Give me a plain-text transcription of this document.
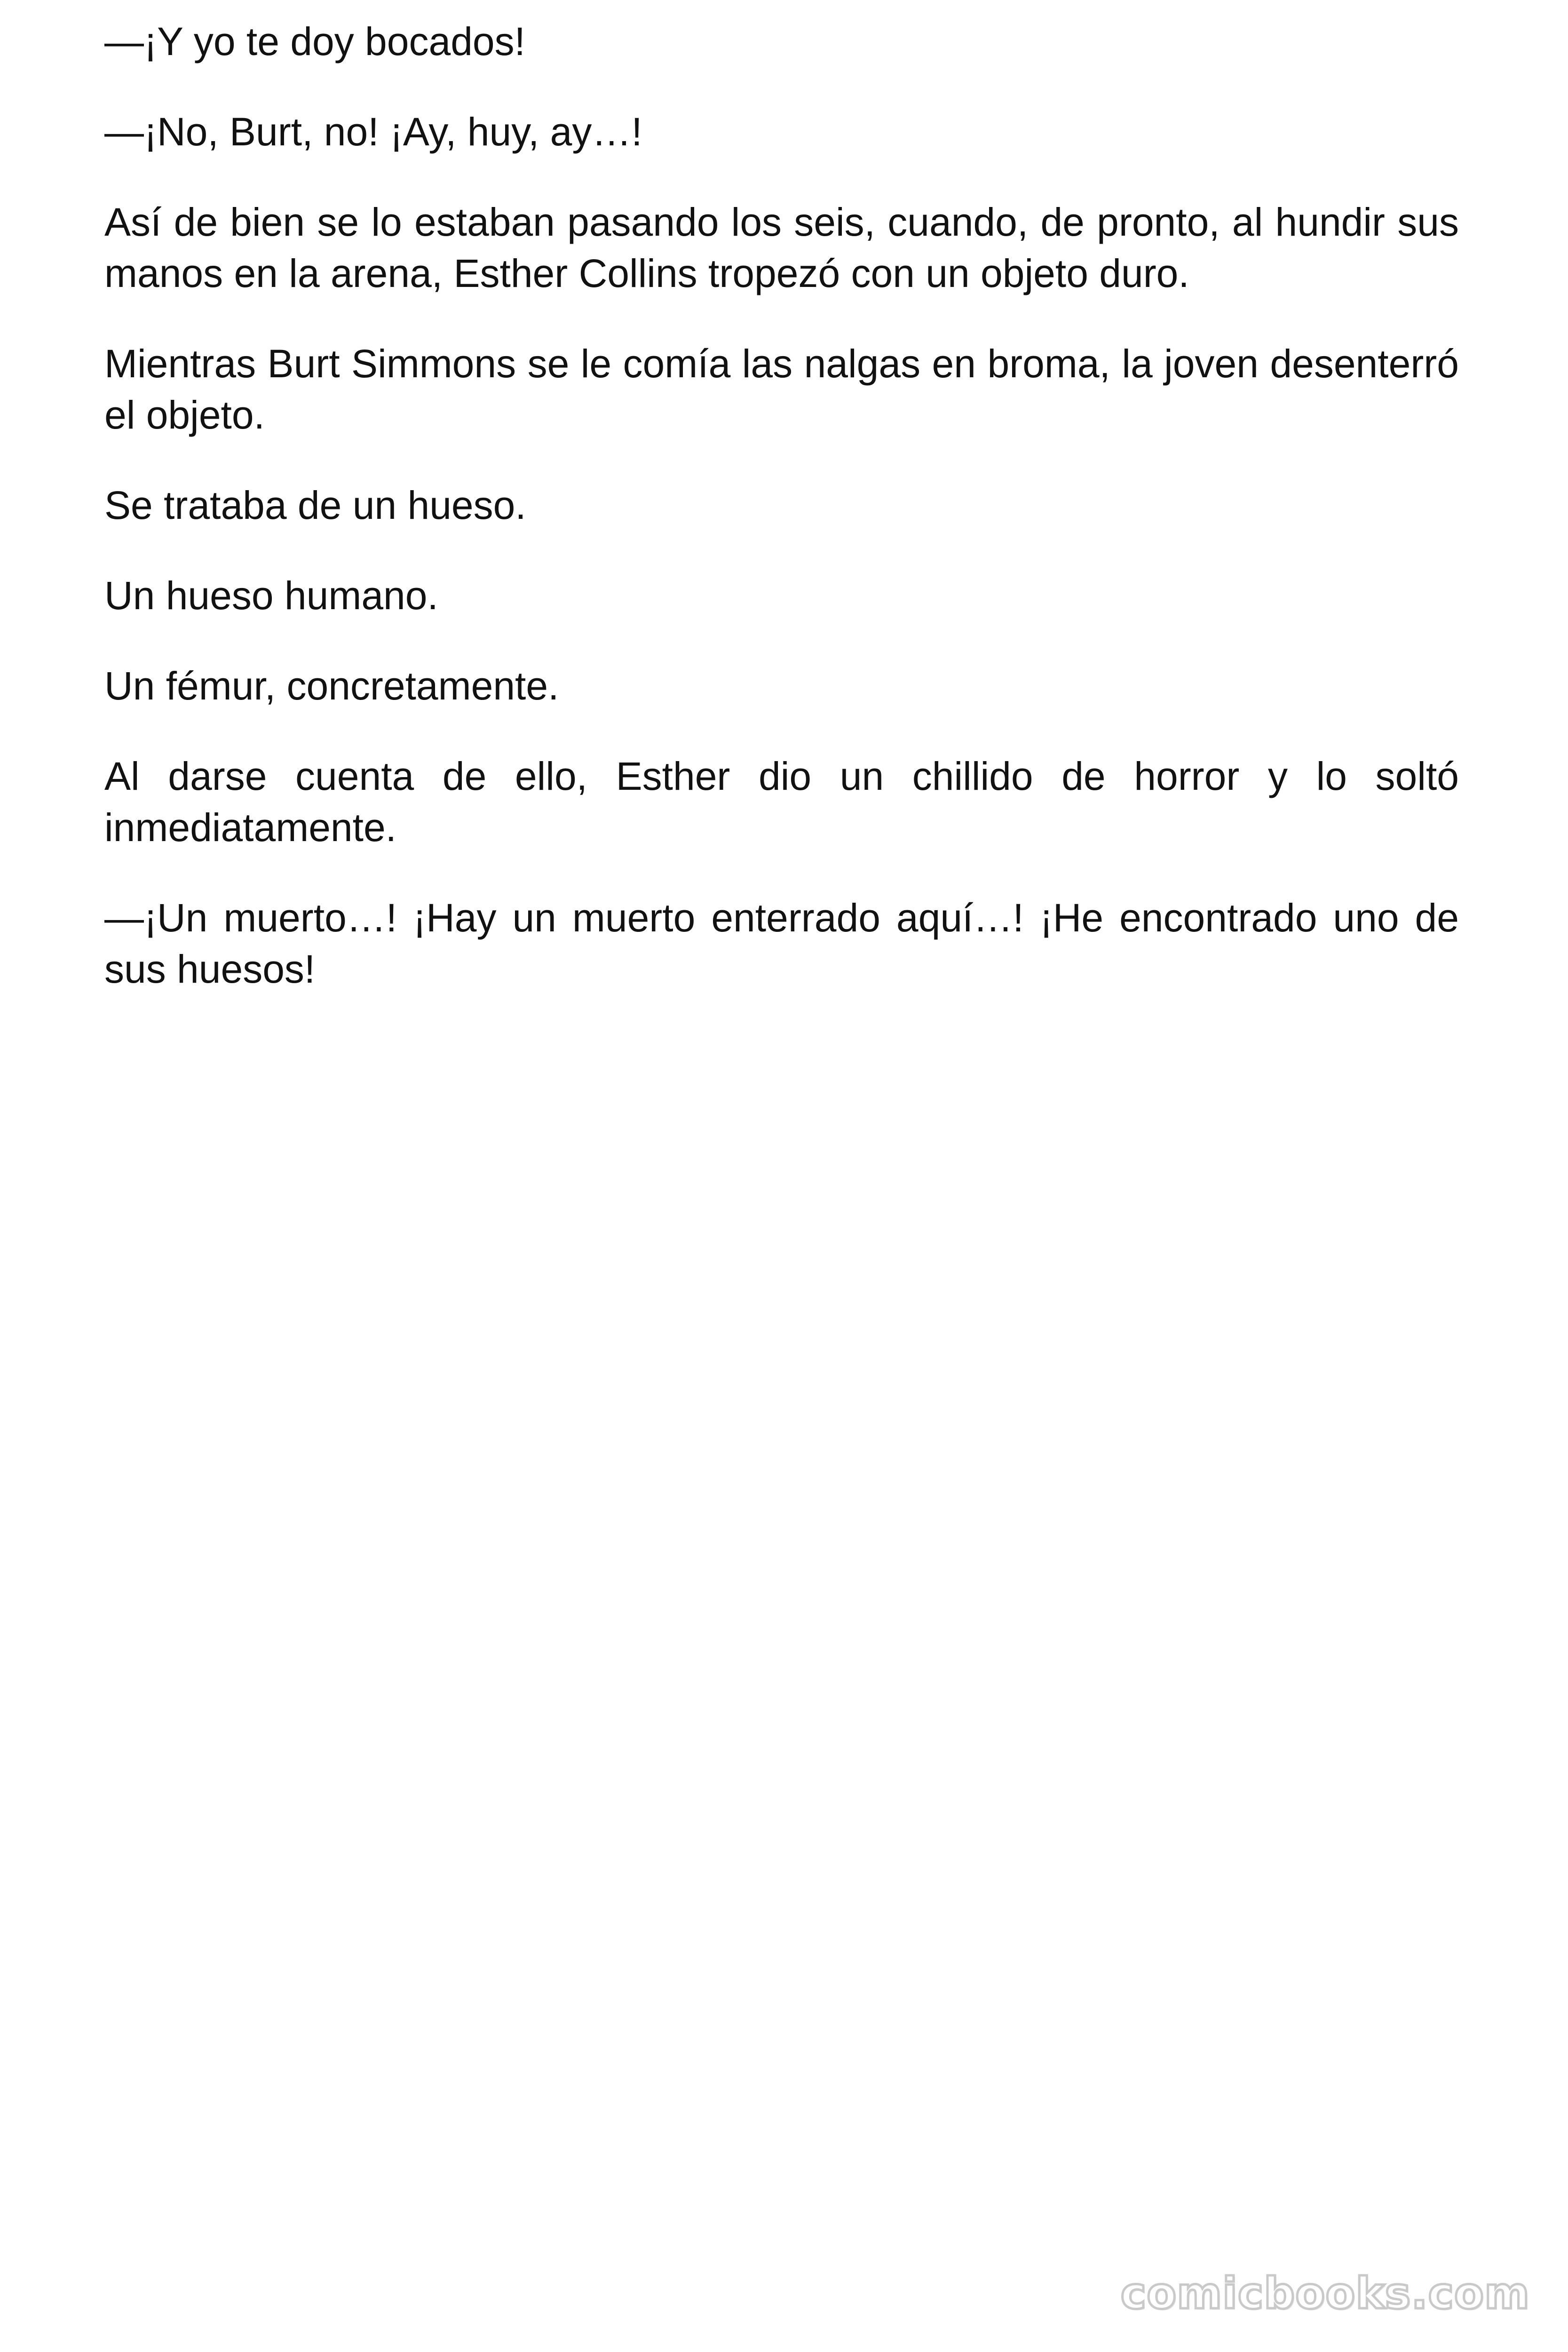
—¡Y yo te doy bocados!

—¡No, Burt, no! ¡Ay, huy, ay…!

Así de bien se lo estaban pasando los seis, cuando, de pronto, al hundir sus manos en la arena, Esther Collins tropezó con un objeto duro.

Mientras Burt Simmons se le comía las nalgas en broma, la joven desenterró el objeto.

Se trataba de un hueso.

Un hueso humano.

Un fémur, concretamente.

Al darse cuenta de ello, Esther dio un chillido de horror y lo soltó inmediatamente.

—¡Un muerto…! ¡Hay un muerto enterrado aquí…! ¡He encontrado uno de sus huesos!

comicbooks.com
